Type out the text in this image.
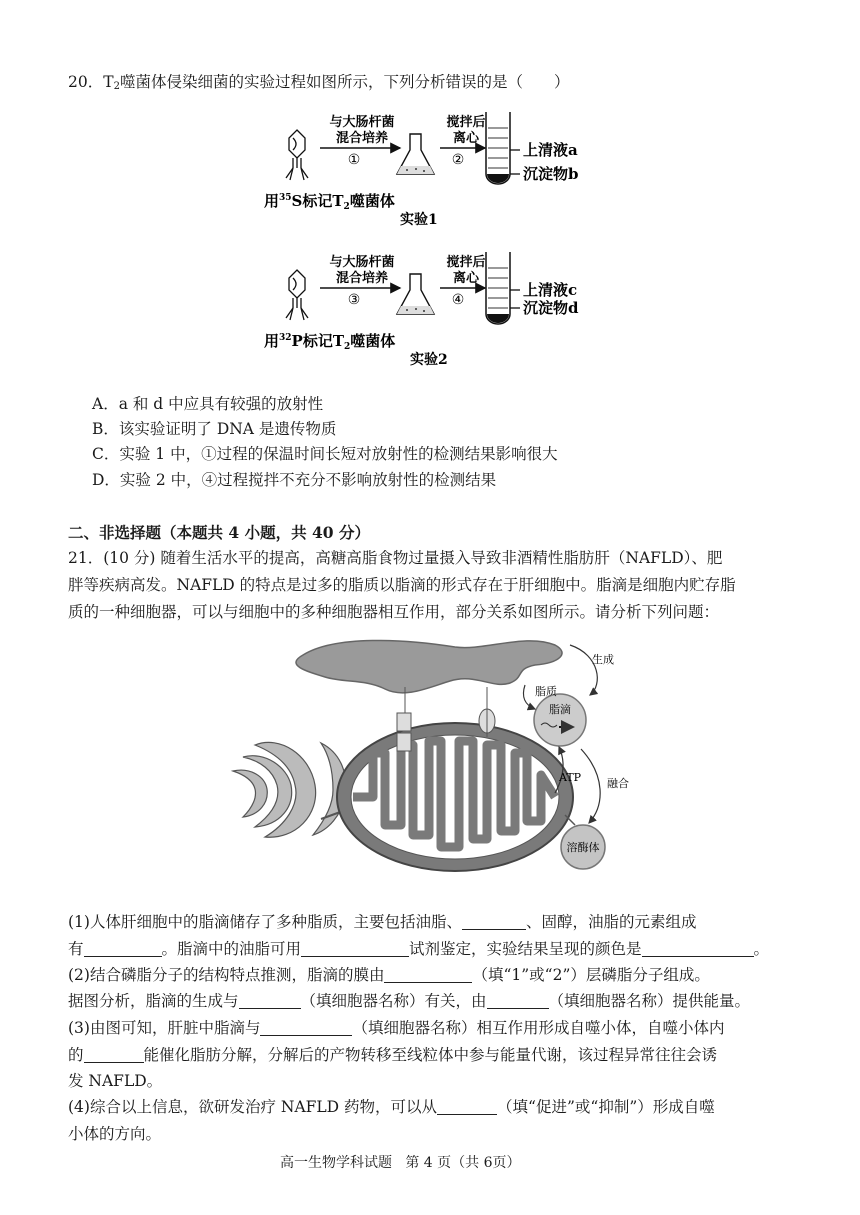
20．$T_2$噬菌体侵染细菌的实验过程如图所示，下列分析错误的是（　　）
与大肠杆菌
混合培养
①
搅拌后
离心
②
上清液a
沉淀物b
用$^{35}$S标记$T_2$噬菌体
实验1
与大肠杆菌
混合培养
③
搅拌后
离心
④
上清液c
沉淀物d
用$^{32}$P标记$T_2$噬菌体
实验2
A．a 和 d 中应具有较强的放射性
B．该实验证明了 DNA 是遗传物质
C．实验 1 中，①过程的保温时间长短对放射性的检测结果影响很大
D．实验 2 中，④过程搅拌不充分不影响放射性的检测结果
二、非选择题（本题共 4 小题，共 40 分）
21．(10 分) 随着生活水平的提高，高糖高脂食物过量摄入导致非酒精性脂肪肝（NAFLD）、肥
胖等疾病高发。NAFLD 的特点是过多的脂质以脂滴的形式存在于肝细胞中。脂滴是细胞内贮存脂
质的一种细胞器，可以与细胞中的多种细胞器相互作用，部分关系如图所示。请分析下列问题：
脂滴
溶酶体
生成
脂质
融合
ATP
(1)人体肝细胞中的脂滴储存了多种脂质，主要包括油脂、	、固醇，油脂的元素组成
有	。脂滴中的油脂可用	试剂鉴定，实验结果呈现的颜色是	。
(2)结合磷脂分子的结构特点推测，脂滴的膜由	（填“1”或“2”）层磷脂分子组成。
据图分析，脂滴的生成与	（填细胞器名称）有关，由	（填细胞器名称）提供能量。
(3)由图可知，肝脏中脂滴与	（填细胞器名称）相互作用形成自噬小体，自噬小体内
的	能催化脂肪分解，分解后的产物转移至线粒体中参与能量代谢，该过程异常往往会诱
发 NAFLD。
(4)综合以上信息，欲研发治疗 NAFLD 药物，可以从	（填“促进”或“抑制”）形成自噬
小体的方向。
高一生物学科试题 第 4 页（共 6页）
